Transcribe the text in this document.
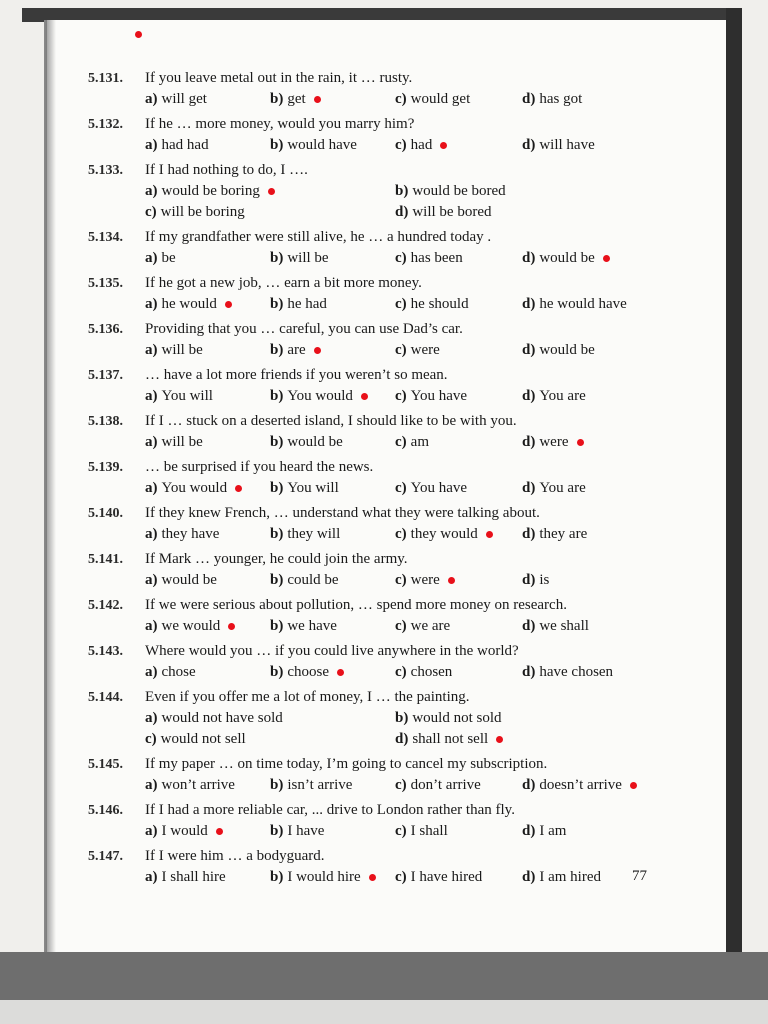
5.131.	If you leave metal out in the rain, it … rusty.
a) will get	b) get	c) would get	d) has got
5.132.	If he … more money, would you marry him?
a) had had	b) would have	c) had	d) will have
5.133.	If I had nothing to do, I ….
a) would be boring	b) would be bored
c) will be boring	d) will be bored
5.134.	If my grandfather were still alive, he … a hundred today .
a) be	b) will be	c) has been	d) would be
5.135.	If he got a new job, … earn a bit more money.
a) he would	b) he had	c) he should	d) he would have
5.136.	Providing that you … careful, you can use Dad’s car.
a) will be	b) are	c) were	d) would be
5.137.	… have a lot more friends if you weren’t so mean.
a) You will	b) You would	c) You have	d) You are
5.138.	If I … stuck on a deserted island, I should like to be with you.
a) will be	b) would be	c) am	d) were
5.139.	… be surprised if you heard the news.
a) You would	b) You will	c) You have	d) You are
5.140.	If they knew French, … understand what they were talking about.
a) they have	b) they will	c) they would	d) they are
5.141.	If Mark … younger, he could join the army.
a) would be	b) could be	c) were	d) is
5.142.	If we were serious about pollution, … spend more money on research.
a) we would	b) we have	c) we are	d) we shall
5.143.	Where would you … if you could live anywhere in the world?
a) chose	b) choose	c) chosen	d) have chosen
5.144.	Even if you offer me a lot of money, I … the painting.
a) would not have sold	b) would not sold
c) would not sell	d) shall not sell
5.145.	If my paper … on time today, I’m going to cancel my subscription.
a) won’t arrive b) isn’t arrive	c) don’t arrive	d) doesn’t arrive
5.146.	If I had a more reliable car, ... drive to London rather than fly.
a) I would	b) I have	c) I shall	d) I am
5.147.	If I were him … a bodyguard.
a) I shall hire	b) I would hire	c) I have hired	d) I am hired 77
